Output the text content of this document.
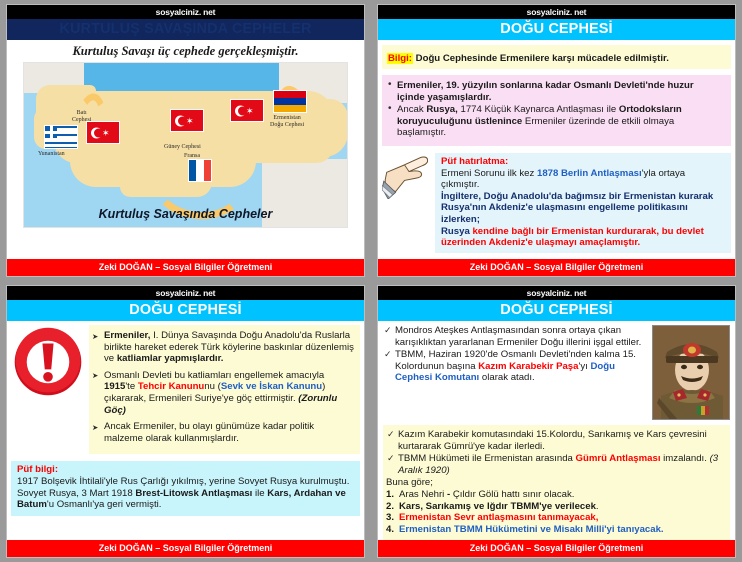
sosyalciniz. net
KURTULUŞ SAVAŞINDA CEPHELER
Kurtuluş Savaşı üç cephede gerçekleşmiştir.
✶
✶
✶
Batı
Cephesi
Yunanistan
Güney Cephesi
Fransa
Ermenistan
Doğu Cephesi
Kurtuluş Savaşında Cepheler
Zeki DOĞAN – Sosyal Bilgiler Öğretmeni
sosyalciniz. net
DOĞU CEPHESİ
Bilgi: Doğu Cephesinde Ermenilere karşı mücadele edilmiştir.
• Ermeniler, 19. yüzyılın sonlarına kadar Osmanlı Devleti'nde huzur içinde yaşamışlardır.
• Ancak Rusya, 1774 Küçük Kaynarca Antlaşması ile Ortodoksların koruyuculuğunu üstlenince Ermeniler üzerinde de etkili olmaya başlamıştır.
Püf hatırlatma:
Ermeni Sorunu ilk kez 1878 Berlin Antlaşması'yla ortaya çıkmıştır.
İngiltere, Doğu Anadolu'da bağımsız bir Ermenistan kurarak Rusya'nın Akdeniz'e ulaşmasını engelleme politikasını izlerken;
Rusya kendine bağlı bir Ermenistan kurdurarak, bu devlet üzerinden Akdeniz'e ulaşmayı amaçlamıştır.
Zeki DOĞAN – Sosyal Bilgiler Öğretmeni
sosyalciniz. net
DOĞU CEPHESİ
➤ Ermeniler, I. Dünya Savaşında Doğu Anadolu'da Ruslarla birlikte hareket ederek Türk köylerine baskınlar düzenlemiş ve katliamlar yapmışlardır.
➤ Osmanlı Devleti bu katliamları engellemek amacıyla 1915'te Tehcir Kanununu (Sevk ve İskan Kanunu) çıkararak, Ermenileri Suriye'ye göç ettirmiştir. (Zorunlu Göç)
➤ Ancak Ermeniler, bu olayı günümüze kadar politik malzeme olarak kullanmışlardır.
Püf bilgi:
1917 Bolşevik İhtilali'yle Rus Çarlığı yıkılmış, yerine Sovyet Rusya kurulmuştu. Sovyet Rusya, 3 Mart 1918 Brest-Litowsk Antlaşması ile Kars, Ardahan ve Batum'u Osmanlı'ya geri vermişti.
Zeki DOĞAN – Sosyal Bilgiler Öğretmeni
sosyalciniz. net
DOĞU CEPHESİ
✓ Mondros Ateşkes Antlaşmasından sonra ortaya çıkan karışıklıktan yararlanan Ermeniler Doğu illerini işgal ettiler.
✓ TBMM, Haziran 1920'de Osmanlı Devleti'nden kalma 15. Kolordunun başına Kazım Karabekir Paşa'yı Doğu Cephesi Komutanı olarak atadı.
✓ Kazım Karabekir komutasındaki 15.Kolordu, Sarıkamış ve Kars çevresini kurtararak Gümrü'ye kadar ilerledi.
✓ TBMM Hükümeti ile Ermenistan arasında Gümrü Antlaşması imzalandı. (3 Aralık 1920)
Buna göre;
Aras Nehri - Çıldır Gölü hattı sınır olacak.
Kars, Sarıkamış ve Iğdır TBMM'ye verilecek.
Ermenistan Sevr antlaşmasını tanımayacak,
Ermenistan TBMM Hükümetini ve Misakı Milli'yi tanıyacak.
Zeki DOĞAN – Sosyal Bilgiler Öğretmeni
